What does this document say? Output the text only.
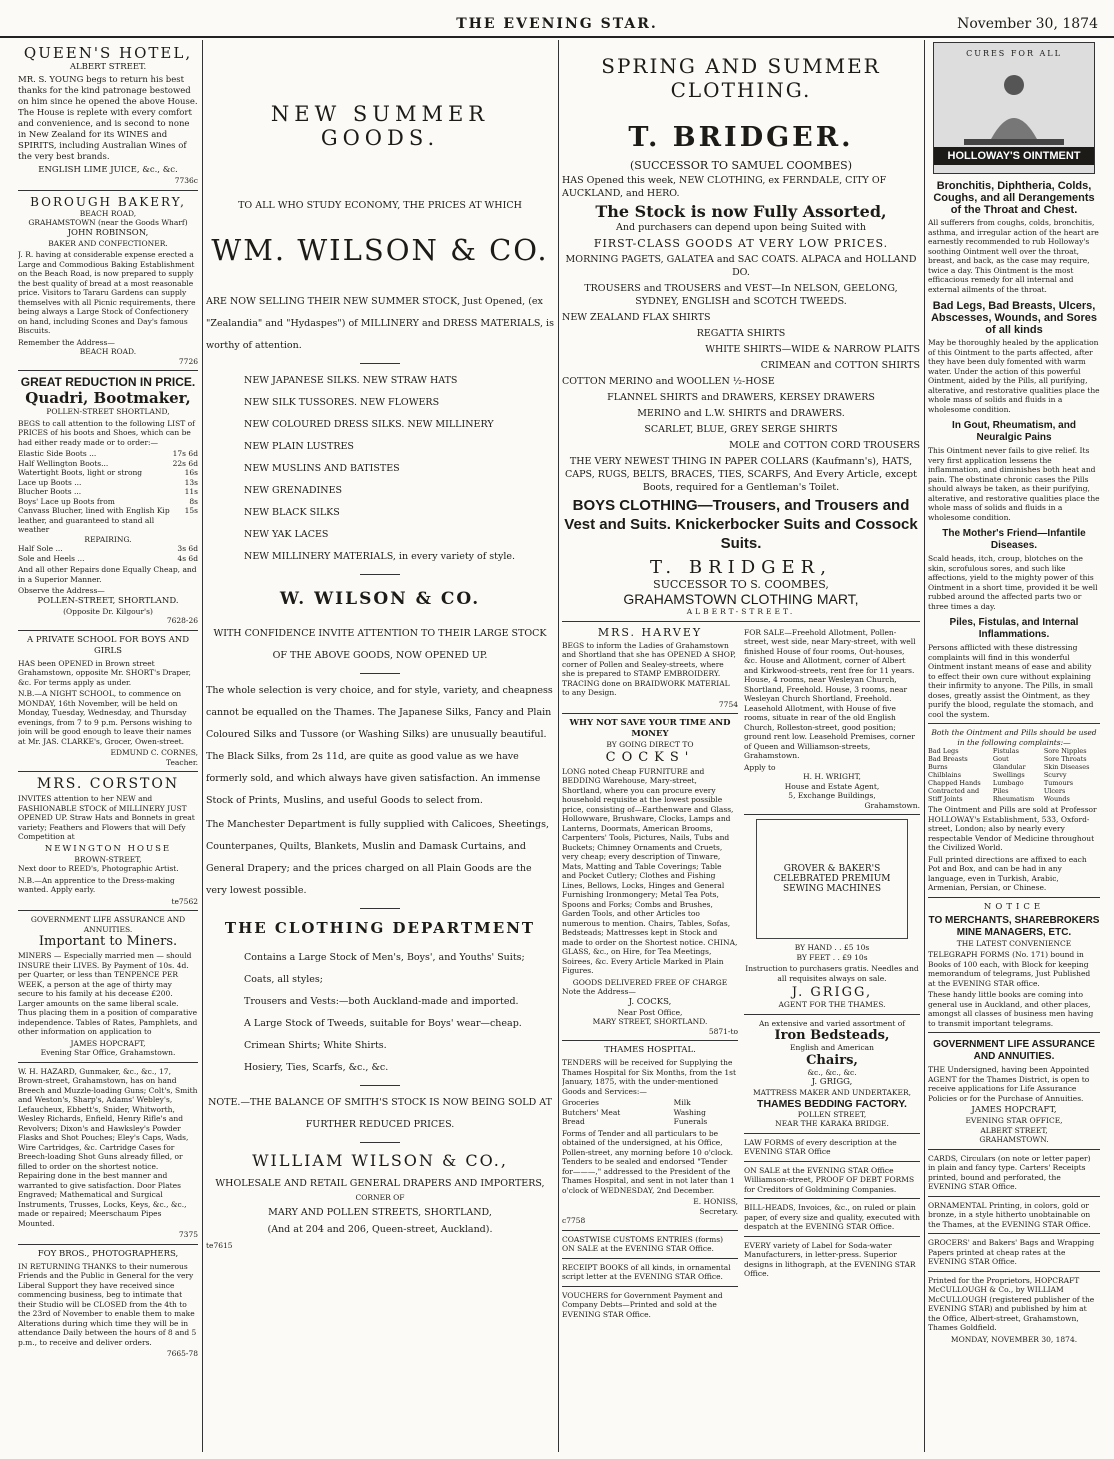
THE EVENING STAR.	November 30, 1874
QUEEN'S HOTEL,
ALBERT STREET.

MR. S. YOUNG begs to return his best thanks for the kind patronage bestowed on him since he opened the above House. The House is replete with every comfort and convenience, and is second to none in New Zealand for its WINES and SPIRITS, including Australian Wines of the very best brands.

ENGLISH LIME JUICE, &c., &c.
7736c
BOROUGH BAKERY,
BEACH ROAD,
GRAHAMSTOWN (near the Goods Wharf)
JOHN ROBINSON,
BAKER AND CONFECTIONER.

J. R. having at considerable expense erected a Large and Commodious Baking Establishment on the Beach Road, is now prepared to supply the best quality of bread at a most reasonable price. Visitors to Tararu Gardens can supply themselves with all Picnic requirements, there being always a Large Stock of Confectionery on hand, including Scones and Day's famous Biscuits.

Remember the Address—
BEACH ROAD.
7726
GREAT REDUCTION IN PRICE.
Quadri, Bootmaker,
POLLEN-STREET SHORTLAND,

BEGS to call attention to the following LIST of PRICES of his boots and Shoes, which can be had either ready made or to order:—

Elastic Side Boots ...	17s 6d
Half Wellington Boots...	22s 6d
Watertight Boots, light or strong	16s
Lace up Boots ...	13s
Blucher Boots ...	11s
Boys' Lace up Boots from	8s
Canvass Blucher, lined with English Kip leather, and guaranteed to stand all weather	15s
REPAIRING.
Half Sole ...	3s 6d
Sole and Heels ...	4s 6d

And all other Repairs done Equally Cheap, and in a Superior Manner.

Observe the Address—
POLLEN-STREET, SHORTLAND.
(Opposite Dr. Kilgour's)
7628-26
A PRIVATE SCHOOL FOR BOYS AND GIRLS

HAS been OPENED in Brown street Grahamstown, opposite Mr. SHORT's Draper, &c. For terms apply as under.

N.B.—A NIGHT SCHOOL, to commence on MONDAY, 16th November, will be held on Monday, Tuesday, Wednesday, and Thursday evenings, from 7 to 9 p.m. Persons wishing to join will be good enough to leave their names at Mr. JAS. CLARKE's, Grocer, Owen-street.

EDMUND C. CORNES,
Teacher.
MRS. CORSTON

INVITES attention to her NEW and FASHIONABLE STOCK of MILLINERY JUST OPENED UP. Straw Hats and Bonnets in great variety; Feathers and Flowers that will Defy Competition at

NEWINGTON HOUSE
BROWN-STREET,
Next door to REED's, Photographic Artist.

N.B.—An apprentice to the Dress-making wanted. Apply early.

te7562
GOVERNMENT LIFE ASSURANCE AND ANNUITIES.
Important to Miners.

MINERS — Especially married men — should INSURE their LIVES. By Payment of 10s. 4d. per Quarter, or less than TENPENCE PER WEEK, a person at the age of thirty may secure to his family at his decease £200. Larger amounts on the same liberal scale. Thus placing them in a position of comparative independence. Tables of Rates, Pamphlets, and other information on application to

JAMES HOPCRAFT,
Evening Star Office, Grahamstown.

W. H. HAZARD, Gunmaker, &c., &c., 17, Brown-street, Grahamstown, has on hand Breech and Muzzle-loading Guns; Colt's, Smith and Weston's, Sharp's, Adams' Webley's, Lefaucheux, Ebbett's, Snider, Whitworth, Wesley Richards, Enfield, Henry Rifle's and Revolvers; Dixon's and Hawksley's Powder Flasks and Shot Pouches; Eley's Caps, Wads, Wire Cartridges, &c. Cartridge Cases for Breech-loading Shot Guns already filled, or filled to order on the shortest notice. Repairing done in the best manner and warranted to give satisfaction. Door Plates Engraved; Mathematical and Surgical Instruments, Trusses, Locks, Keys, &c., &c., made or repaired; Meerschaum Pipes Mounted.

7375
FOY BROS., PHOTOGRAPHERS,

IN RETURNING THANKS to their numerous Friends and the Public in General for the very Liberal Support they have received since commencing business, beg to intimate that their Studio will be CLOSED from the 4th to the 23rd of November to enable them to make Alterations during which time they will be in attendance Daily between the hours of 8 and 5 p.m., to receive and deliver orders.

7665-78
NEW SUMMER GOODS.
TO ALL WHO STUDY ECONOMY, THE PRICES AT WHICH
WM. WILSON & CO.

ARE NOW SELLING THEIR NEW SUMMER STOCK, Just Opened, (ex "Zealandia" and "Hydaspes") of MILLINERY and DRESS MATERIALS, is worthy of attention.

NEW JAPANESE SILKS. NEW STRAW HATS
NEW SILK TUSSORES. NEW FLOWERS
NEW COLOURED DRESS SILKS. NEW MILLINERY
NEW PLAIN LUSTRES
NEW MUSLINS AND BATISTES
NEW GRENADINES
NEW BLACK SILKS
NEW YAK LACES
NEW MILLINERY MATERIALS, in every variety of style.
W. WILSON & CO.

WITH CONFIDENCE INVITE ATTENTION TO THEIR LARGE STOCK OF THE ABOVE GOODS, NOW OPENED UP.

The whole selection is very choice, and for style, variety, and cheapness cannot be equalled on the Thames. The Japanese Silks, Fancy and Plain Coloured Silks and Tussore (or Washing Silks) are unusually beautiful. The Black Silks, from 2s 11d, are quite as good value as we have formerly sold, and which always have given satisfaction. An immense Stock of Prints, Muslins, and useful Goods to select from.

The Manchester Department is fully supplied with Calicoes, Sheetings, Counterpanes, Quilts, Blankets, Muslin and Damask Curtains, and General Drapery; and the prices charged on all Plain Goods are the very lowest possible.

THE CLOTHING DEPARTMENT
Contains a Large Stock of Men's, Boys', and Youths' Suits; Coats, all styles;
Trousers and Vests:—both Auckland-made and imported.
A Large Stock of Tweeds, suitable for Boys' wear—cheap.
Crimean Shirts; White Shirts.
Hosiery, Ties, Scarfs, &c., &c.

NOTE.—THE BALANCE OF SMITH'S STOCK IS NOW BEING SOLD AT FURTHER REDUCED PRICES.

WILLIAM WILSON & CO.,
WHOLESALE AND RETAIL GENERAL DRAPERS AND IMPORTERS,
CORNER OF
MARY AND POLLEN STREETS, SHORTLAND,
(And at 204 and 206, Queen-street, Auckland).
te7615
SPRING AND SUMMER CLOTHING.
T. BRIDGER.
(SUCCESSOR TO SAMUEL COOMBES)

HAS Opened this week, NEW CLOTHING, ex FERNDALE, CITY OF AUCKLAND, and HERO.

The Stock is now Fully Assorted,
And purchasers can depend upon being Suited with
FIRST-CLASS GOODS AT VERY LOW PRICES.
MORNING PAGETS, GALATEA and SAC COATS. ALPACA and HOLLAND DO.
TROUSERS and TROUSERS and VEST—In NELSON, GEELONG, SYDNEY, ENGLISH and SCOTCH TWEEDS.
NEW ZEALAND FLAX SHIRTS
REGATTA SHIRTS
WHITE SHIRTS—WIDE & NARROW PLAITS
CRIMEAN and COTTON SHIRTS
COTTON MERINO and WOOLLEN ½-HOSE
FLANNEL SHIRTS and DRAWERS, KERSEY DRAWERS
MERINO and L.W. SHIRTS and DRAWERS.
SCARLET, BLUE, GREY SERGE SHIRTS
MOLE and COTTON CORD TROUSERS

THE VERY NEWEST THING IN PAPER COLLARS (Kaufmann's), HATS, CAPS, RUGS, BELTS, BRACES, TIES, SCARFS, And Every Article, except Boots, required for a Gentleman's Toilet.

BOYS CLOTHING—Trousers, and Trousers and Vest and Suits. Knickerbocker Suits and Cossock Suits.
T. BRIDGER,
SUCCESSOR TO S. COOMBES,
GRAHAMSTOWN CLOTHING MART,
ALBERT-STREET.
MRS. HARVEY

BEGS to inform the Ladies of Grahamstown and Shortland that she has OPENED A SHOP, corner of Pollen and Sealey-streets, where she is prepared to STAMP EMBROIDERY. TRACING done on BRAIDWORK MATERIAL to any Design.

7754
WHY NOT SAVE YOUR TIME AND MONEY
BY GOING DIRECT TO
COCKS'

LONG noted Cheap FURNITURE and BEDDING Warehouse, Mary-street, Shortland, where you can procure every household requisite at the lowest possible price, consisting of—Earthenware and Glass, Hollowware, Brushware, Clocks, Lamps and Lanterns, Doormats, American Brooms, Carpenters' Tools, Pictures, Nails, Tubs and Buckets; Chimney Ornaments and Cruets, very cheap; every description of Tinware, Mats, Matting and Table Coverings; Table and Pocket Cutlery; Clothes and Fishing Lines, Bellows, Locks, Hinges and General Furnishing Ironmongery; Metal Tea Pots, Spoons and Forks; Combs and Brushes, Garden Tools, and other Articles too numerous to mention. Chairs, Tables, Sofas, Bedsteads; Mattresses kept in Stock and made to order on the Shortest notice. CHINA, GLASS, &c., on Hire, for Tea Meetings, Soirees, &c. Every Article Marked in Plain Figures.

GOODS DELIVERED FREE OF CHARGE
Note the Address—
J. COCKS,
Near Post Office,
MARY STREET, SHORTLAND.
5871-to
THAMES HOSPITAL.

TENDERS will be received for Supplying the Thames Hospital for Six Months, from the 1st January, 1875, with the under-mentioned Goods and Services:—

Groceries	Milk
Butchers' Meat	Washing
Bread	Funerals

Forms of Tender and all particulars to be obtained of the undersigned, at his Office, Pollen-street, any morning before 10 o'clock. Tenders to be sealed and endorsed "Tender for———," addressed to the President of the Thames Hospital, and sent in not later than 1 o'clock of WEDNESDAY, 2nd December.

E. HONISS,
Secretary.
c7758

COASTWISE CUSTOMS ENTRIES (forms) ON SALE at the EVENING STAR Office.

RECEIPT BOOKS of all kinds, in ornamental script letter at the EVENING STAR Office.

VOUCHERS for Government Payment and Company Debts—Printed and sold at the EVENING STAR Office.

FOR SALE—Freehold Allotment, Pollen-street, west side, near Mary-street, with well finished House of four rooms, Out-houses, &c. House and Allotment, corner of Albert and Kirkwood-streets, rent free for 11 years. House, 4 rooms, near Wesleyan Church, Shortland, Freehold. House, 3 rooms, near Wesleyan Church Shortland, Freehold. Leasehold Allotment, with House of five rooms, situate in rear of the old English Church, Rolleston-street, good position; ground rent low. Leasehold Premises, corner of Queen and Williamson-streets, Grahamstown.

Apply to
H. H. WRIGHT,
House and Estate Agent,
5, Exchange Buildings,
Grahamstown.
GROVER & BAKER'S CELEBRATED PREMIUM SEWING MACHINES
BY HAND . . £5 10s
BY FEET . . £9 10s

Instruction to purchasers gratis. Needles and all requisites always on sale.

J. GRIGG,
AGENT FOR THE THAMES.
An extensive and varied assortment of
Iron Bedsteads,
English and American
Chairs,
&c., &c., &c.
J. GRIGG,
MATTRESS MAKER AND UNDERTAKER,
THAMES BEDDING FACTORY.
POLLEN STREET,
NEAR THE KARAKA BRIDGE.

LAW FORMS of every description at the EVENING STAR Office

ON SALE at the EVENING STAR Office Williamson-street, PROOF OF DEBT FORMS for Creditors of Goldmining Companies.

BILL-HEADS, Invoices, &c., on ruled or plain paper, of every size and quality, executed with despatch at the EVENING STAR Office.

EVERY variety of Label for Soda-water Manufacturers, in letter-press. Superior designs in lithograph, at the EVENING STAR Office.

CURES FOR ALL
HOLLOWAY'S OINTMENT
Bronchitis, Diphtheria, Colds, Coughs, and all Derangements of the Throat and Chest.

All sufferers from coughs, colds, bronchitis, asthma, and irregular action of the heart are earnestly recommended to rub Holloway's soothing Ointment well over the throat, breast, and back, as the case may require, twice a day. This Ointment is the most efficacious remedy for all internal and external ailments of the throat.

Bad Legs, Bad Breasts, Ulcers, Abscesses, Wounds, and Sores of all kinds

May be thoroughly healed by the application of this Ointment to the parts affected, after they have been duly fomented with warm water. Under the action of this powerful Ointment, aided by the Pills, all purifying, alterative, and restorative qualities place the whole mass of solids and fluids in a wholesome condition.

In Gout, Rheumatism, and Neuralgic Pains

This Ointment never fails to give relief. Its very first application lessens the inflammation, and diminishes both heat and pain. The obstinate chronic cases the Pills should always be taken, as their purifying, alterative, and restorative qualities place the whole mass of solids and fluids in a wholesome condition.

The Mother's Friend—Infantile Diseases.

Scald heads, itch, croup, blotches on the skin, scrofulous sores, and such like affections, yield to the mighty power of this Ointment in a short time, provided it be well rubbed around the affected parts two or three times a day.

Piles, Fistulas, and Internal Inflammations.

Persons afflicted with these distressing complaints will find in this wonderful Ointment instant means of ease and ability to effect their own cure without explaining their infirmity to anyone. The Pills, in small doses, greatly assist the Ointment, as they purify the blood, regulate the stomach, and cool the system.

Both the Ointment and Pills should be used in the following complaints:—
Bad Legs	Fistulas	Sore Nipples
Bad Breasts	Gout	Sore Throats
Burns	Glandular	Skin Diseases
Chilblains	Swellings	Scurvy
Chapped Hands	Lumbago	Tumours
Contracted and	Piles	Ulcers
Stiff Joints	Rheumatism	Wounds

The Ointment and Pills are sold at Professor HOLLOWAY's Establishment, 533, Oxford-street, London; also by nearly every respectable Vendor of Medicine throughout the Civilized World.

Full printed directions are affixed to each Pot and Box, and can be had in any language, even in Turkish, Arabic, Armenian, Persian, or Chinese.

NOTICE
TO MERCHANTS, SHAREBROKERS MINE MANAGERS, ETC.
THE LATEST CONVENIENCE

TELEGRAPH FORMS (No. 171) bound in Books of 100 each, with Block for keeping memorandum of telegrams, Just Published at the EVENING STAR office.

These handy little books are coming into general use in Auckland, and other places, amongst all classes of business men having to transmit important telegrams.

GOVERNMENT LIFE ASSURANCE AND ANNUITIES.

THE Undersigned, having been Appointed AGENT for the Thames District, is open to receive applications for Life Assurance Policies or for the Purchase of Annuities.

JAMES HOPCRAFT,
EVENING STAR OFFICE,
ALBERT STREET,
GRAHAMSTOWN.

CARDS, Circulars (on note or letter paper) in plain and fancy type. Carters' Receipts printed, bound and perforated, the EVENING STAR Office.

ORNAMENTAL Printing, in colors, gold or bronze, in a style hitherto unobtainable on the Thames, at the EVENING STAR Office.

GROCERS' and Bakers' Bags and Wrapping Papers printed at cheap rates at the EVENING STAR Office.

Printed for the Proprietors, HOPCRAFT McCULLOUGH & Co., by WILLIAM McCULLOUGH (registered publisher of the EVENING STAR) and published by him at the Office, Albert-street, Grahamstown, Thames Goldfield.

MONDAY, NOVEMBER 30, 1874.
